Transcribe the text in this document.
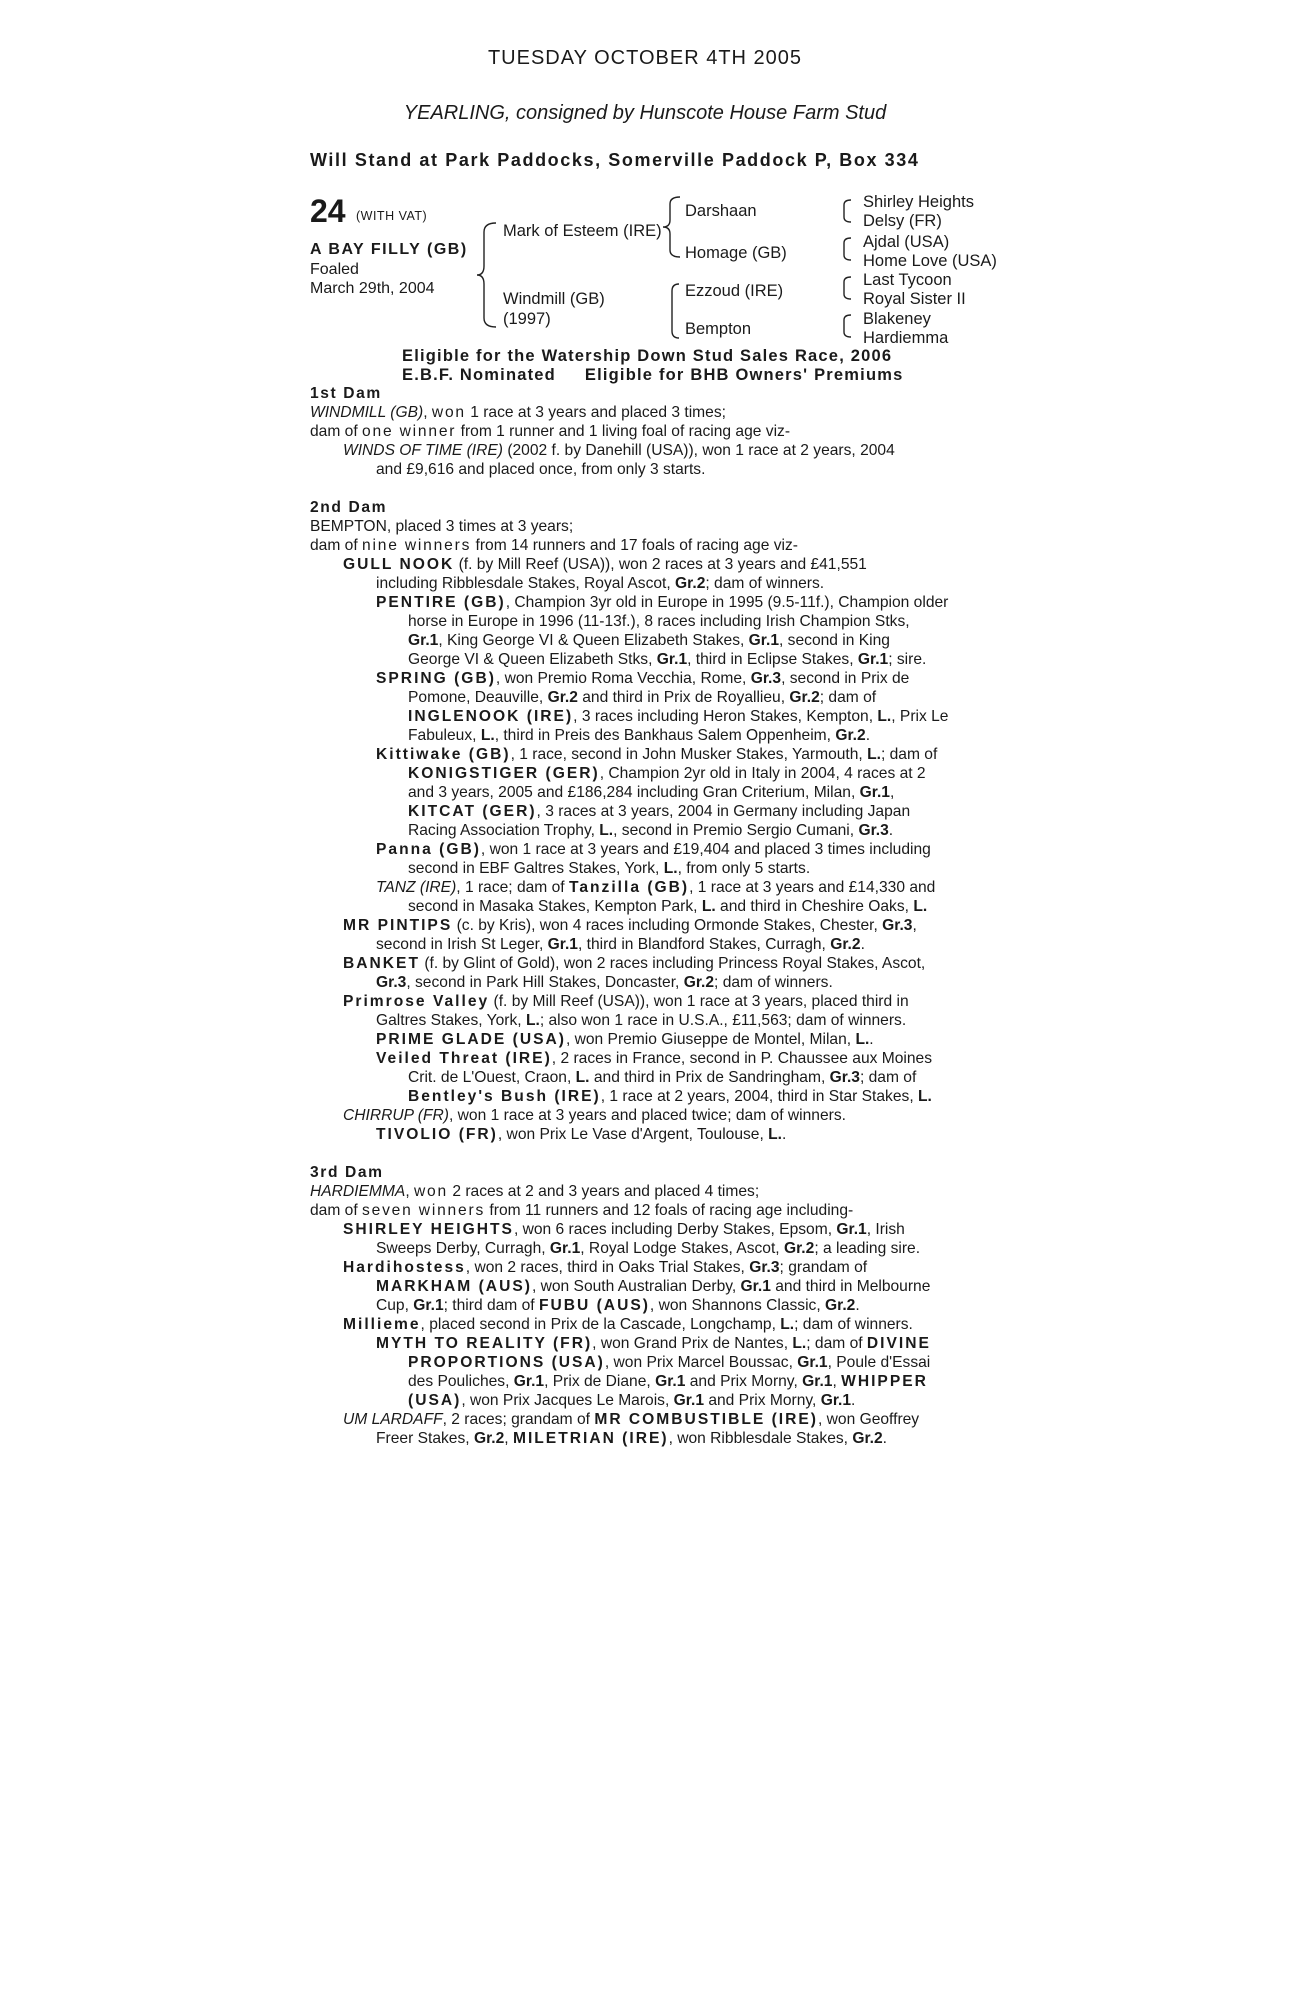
TUESDAY OCTOBER 4TH 2005
YEARLING, consigned by Hunscote House Farm Stud
Will Stand at Park Paddocks, Somerville Paddock P, Box 334
24 (WITH VAT)
A BAY FILLY (GB)
Foaled
March 29th, 2004
Mark of Esteem (IRE)
Windmill (GB)
(1997)
Darshaan
Homage (GB)
Ezzoud (IRE)
Bempton
Shirley Heights
Delsy (FR)
Ajdal (USA)
Home Love (USA)
Last Tycoon
Royal Sister II
Blakeney
Hardiemma
Eligible for the Watership Down Stud Sales Race, 2006
E.B.F. Nominated     Eligible for BHB Owners' Premiums
1st Dam
WINDMILL (GB), won 1 race at 3 years and placed 3 times;
dam of one winner from 1 runner and 1 living foal of racing age viz-
WINDS OF TIME (IRE) (2002 f. by Danehill (USA)), won 1 race at 2 years, 2004
and £9,616 and placed once, from only 3 starts.
2nd Dam
BEMPTON, placed 3 times at 3 years;
dam of nine winners from 14 runners and 17 foals of racing age viz-
GULL NOOK (f. by Mill Reef (USA)), won 2 races at 3 years and £41,551
including Ribblesdale Stakes, Royal Ascot, Gr.2; dam of winners.
PENTIRE (GB), Champion 3yr old in Europe in 1995 (9.5-11f.), Champion older
horse in Europe in 1996 (11-13f.), 8 races including Irish Champion Stks,
Gr.1, King George VI & Queen Elizabeth Stakes, Gr.1, second in King
George VI & Queen Elizabeth Stks, Gr.1, third in Eclipse Stakes, Gr.1; sire.
SPRING (GB), won Premio Roma Vecchia, Rome, Gr.3, second in Prix de
Pomone, Deauville, Gr.2 and third in Prix de Royallieu, Gr.2; dam of
INGLENOOK (IRE), 3 races including Heron Stakes, Kempton, L., Prix Le
Fabuleux, L., third in Preis des Bankhaus Salem Oppenheim, Gr.2.
Kittiwake (GB), 1 race, second in John Musker Stakes, Yarmouth, L.; dam of
KONIGSTIGER (GER), Champion 2yr old in Italy in 2004, 4 races at 2
and 3 years, 2005 and £186,284 including Gran Criterium, Milan, Gr.1,
KITCAT (GER), 3 races at 3 years, 2004 in Germany including Japan
Racing Association Trophy, L., second in Premio Sergio Cumani, Gr.3.
Panna (GB), won 1 race at 3 years and £19,404 and placed 3 times including
second in EBF Galtres Stakes, York, L., from only 5 starts.
TANZ (IRE), 1 race; dam of Tanzilla (GB), 1 race at 3 years and £14,330 and
second in Masaka Stakes, Kempton Park, L. and third in Cheshire Oaks, L.
MR PINTIPS (c. by Kris), won 4 races including Ormonde Stakes, Chester, Gr.3,
second in Irish St Leger, Gr.1, third in Blandford Stakes, Curragh, Gr.2.
BANKET (f. by Glint of Gold), won 2 races including Princess Royal Stakes, Ascot,
Gr.3, second in Park Hill Stakes, Doncaster, Gr.2; dam of winners.
Primrose Valley (f. by Mill Reef (USA)), won 1 race at 3 years, placed third in
Galtres Stakes, York, L.; also won 1 race in U.S.A., £11,563; dam of winners.
PRIME GLADE (USA), won Premio Giuseppe de Montel, Milan, L..
Veiled Threat (IRE), 2 races in France, second in P. Chaussee aux Moines
Crit. de L'Ouest, Craon, L. and third in Prix de Sandringham, Gr.3; dam of
Bentley's Bush (IRE), 1 race at 2 years, 2004, third in Star Stakes, L.
CHIRRUP (FR), won 1 race at 3 years and placed twice; dam of winners.
TIVOLIO (FR), won Prix Le Vase d'Argent, Toulouse, L..
3rd Dam
HARDIEMMA, won 2 races at 2 and 3 years and placed 4 times;
dam of seven winners from 11 runners and 12 foals of racing age including-
SHIRLEY HEIGHTS, won 6 races including Derby Stakes, Epsom, Gr.1, Irish
Sweeps Derby, Curragh, Gr.1, Royal Lodge Stakes, Ascot, Gr.2; a leading sire.
Hardihostess, won 2 races, third in Oaks Trial Stakes, Gr.3; grandam of
MARKHAM (AUS), won South Australian Derby, Gr.1 and third in Melbourne
Cup, Gr.1; third dam of FUBU (AUS), won Shannons Classic, Gr.2.
Milliemе, placed second in Prix de la Cascade, Longchamp, L.; dam of winners.
MYTH TO REALITY (FR), won Grand Prix de Nantes, L.; dam of DIVINE
PROPORTIONS (USA), won Prix Marcel Boussac, Gr.1, Poule d'Essai
des Pouliches, Gr.1, Prix de Diane, Gr.1 and Prix Morny, Gr.1, WHIPPER
(USA), won Prix Jacques Le Marois, Gr.1 and Prix Morny, Gr.1.
UM LARDAFF, 2 races; grandam of MR COMBUSTIBLE (IRE), won Geoffrey
Freer Stakes, Gr.2, MILETRIAN (IRE), won Ribblesdale Stakes, Gr.2.
